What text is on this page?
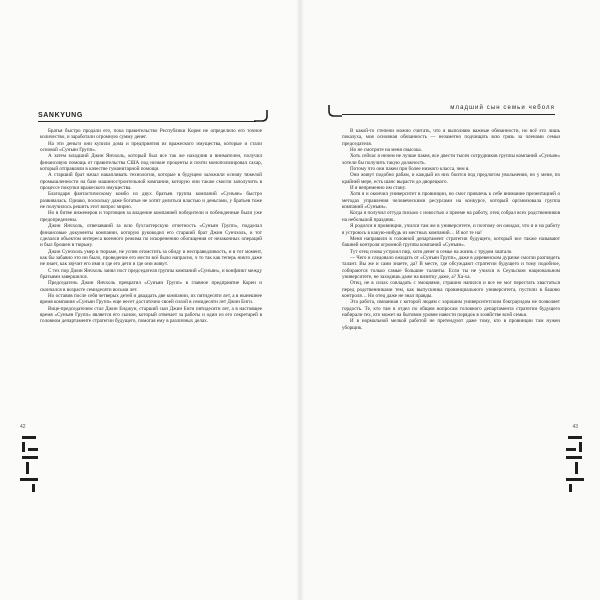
SANKYUNG

Братья быстро продали его, пока правительство Республики Корея не определило его точное количество, и заработали огромную сумму денег.

На эти деньги они купили дома и предприятия из вражеского имущества, которые и стали основой «Сунъян Групп».

А затем младший Джин Янчхоль, который был все так же находчив и внимателен, получил финансовую помощь от правительства США под низкие проценты и почти монополизировал сахар, который отправляли в качестве гуманитарной помощи.

А старший брат начал накапливать технологии, которые в будущем заложили основу тяжелой промышленности на базе машиностроительной компании, которую они также смогли заполучить в процессе покупки вражеского имущества.

Благодаря фантастическому комбо из двух братьев группа компаний «Сунъян» быстро развивалась. Однако, поскольку даже богатые не хотят делиться властью и деньгами, у братьев тоже не получилось решить этот вопрос мирно.

Но в битве инженеров и торговцев за владение компанией победители и побежденные были уже предопределены.

Джин Янчхоль, отвечавший за всю бухгалтерскую отчетность «Сунъян Групп», подделал финансовые документы компании, которую руководил его старший брат Джин Сунчхоль, и тот сделался объектом интереса военного режима по искоренению обогащения от незаконных операций и был брошен в тюрьму.

Джин Сунчхоль умер в тюрьме, не успев отомстить за обиду и несправедливость, и в тот момент, как бы забавно это ни было, проведение его мести всё было напрасно, ч то так как теперь никто даже не знает, как звучит его имя и где его дети и где они живут.

С тех пор Джин Янчхоль занял пост председателя группы компаний «Сунъян», и конфликт между братьями завершился.

Председатель Джин Янчхоль превратил «Сунъян Групп» в главное предприятие Кореи и скончался в возрасте семидесяти восьми лет.

Но оставив после себя четверых детей и двадцать две компании, их пятидесяти лет, а в нынешнее время компания «Сунъян Групп» еще несет достаточно своей силой в семидесяти лет Джин Енги.

Вице-председателем стал Джин Енджун, старший сын Джин Енги пятидесяти лет, а в настоящее время «Сунъян Групп» является его сыном, который отвечает за работы и один из его секретарей в головном департаменте стратегии будущего, помогая ему в различных делах.

42
младший сын семьи чеболя

В какой-то степени можно считать, что я выполняю важные обязанности, но всё это лишь показуха, моя основная обязанность — незаметно подчищать всю грязь за членами семьи председателя.

Но не смотрите на меня свысока.

Хоть сейчас я ничем не лучше пакея, все двести тысяч сотрудников группы компаний «Сунъян» хотели бы получить такую должность.

Потому что они пакеи при более низкого класса, чем я.

Они живут подобно рабам, и каждый из них боится под предлогом увольнения, но у меня, по крайней мере, есть шанс вырасти до дворецкого.

И я непременно им стану.

Хотя я и окончил университет в провинции, но смог привлечь к себе внимание презентацией о методах управления человеческими ресурсами на конкурсе, который организовала группа компаний «Сунъян».

Когда я получил оттуда письмо с новостью о приеме на работу, отец собрал всех родственников на небольшой праздник.

Я родился в провинции, учился там же в университете, и поэтому он ожидал, что я и на работу я устроюсь в какую-нибудь из местных компаний… И вот те на!

Меня направили в головной департамент стратегии будущего, который все также называют башней контроля огромной группы компаний «Сунъян».

Тут отец снова устроил пир, хотя денег в семье на жизнь с трудом хватало.

— Чего и следовало ожидать от «Сунъян Групп», даже в деревенском дурачке смогли разглядеть талант. Вы же и сами знаете, да? В месте, где обсуждают стратегии будущего и тому подобное, собираются только самые большие таланты. Если ты не учился в Сеульском национальном университете, не заходишь даже на визитку даже, а? Ха-ха.

Отец, не в силах совладать с эмоциями, страшно напился и все не мог перестать хвастаться перед родственниками тем, как выпускника провинциального университета, пустили в башню контроля… Но отец даже не знал правды.

Эта работа, связанная с которой людям с хорошим университетским бэкграундом не позволяет гордость. Те, кто там в отдел по общим вопросам головного департамента стратегии будущего набирали тех, кто может на бытовом уровне навести порядок в хозяйстве всей семьи.

И в нормальной мелкой работой не претендуют даже тому, кто в провинции там нужен уборщик.

43
